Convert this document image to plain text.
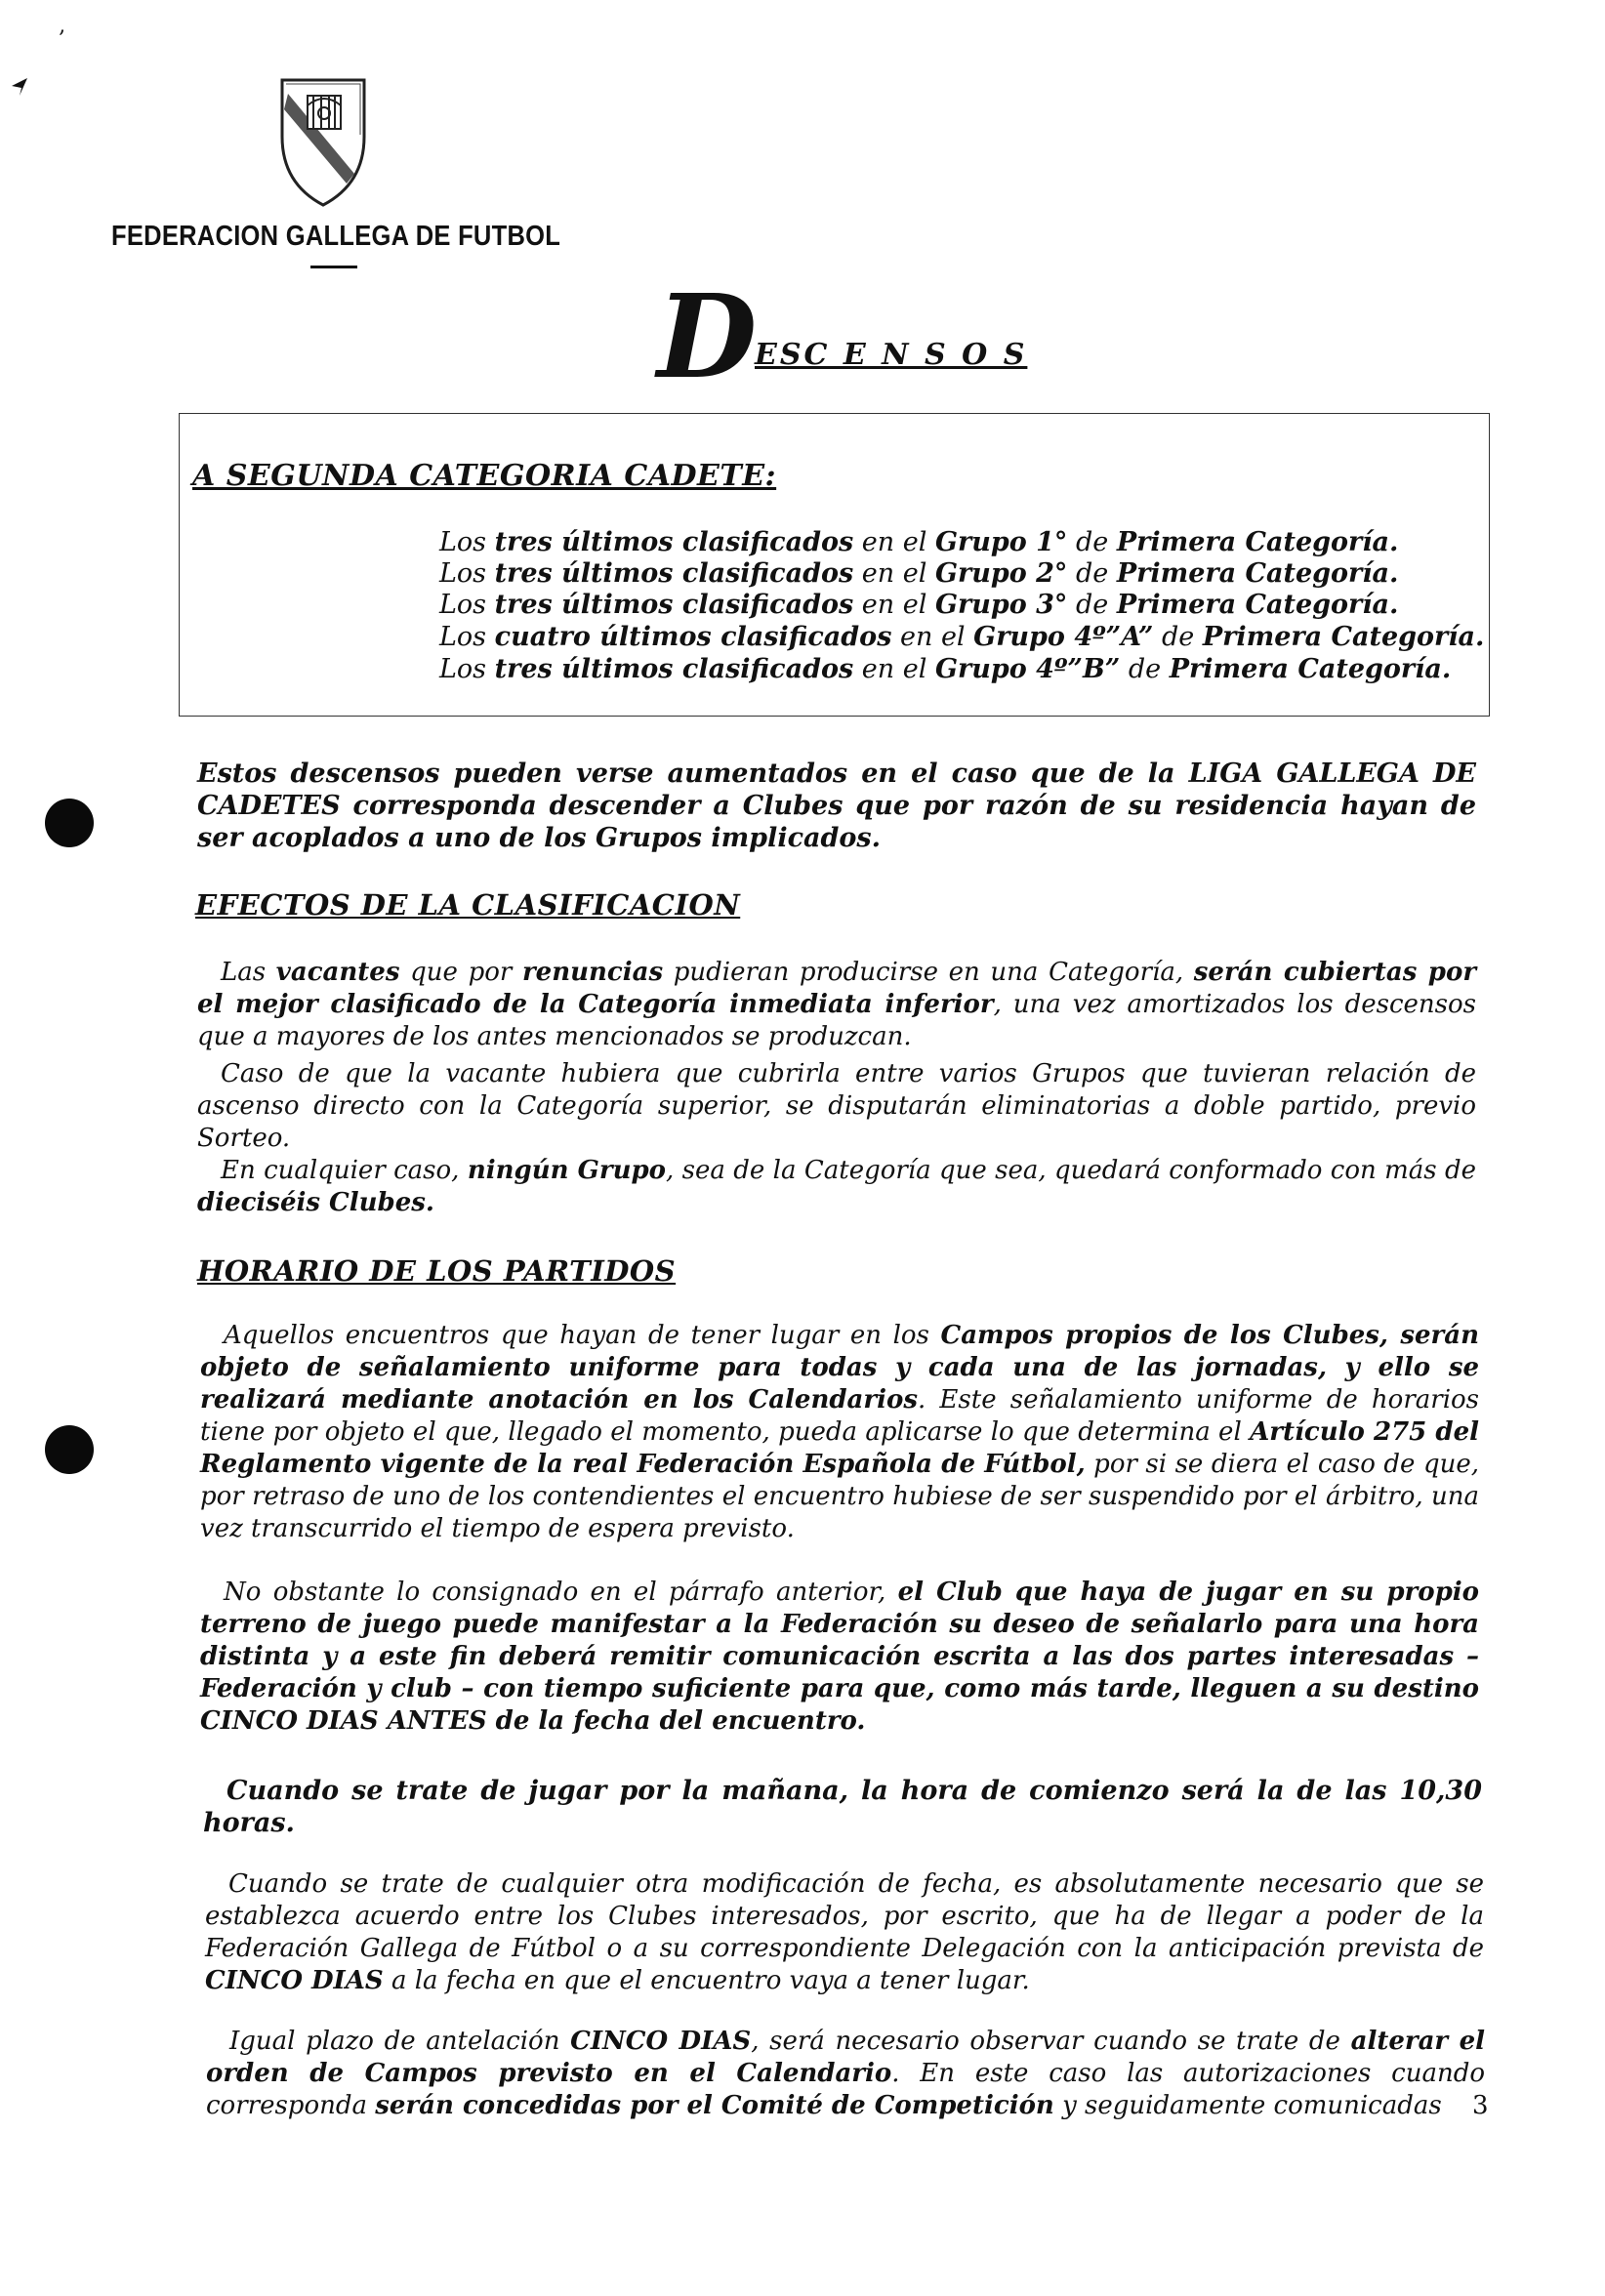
‚
FEDERACION GALLEGA DE FUTBOL
D
ESC E N S O S
A SEGUNDA CATEGORIA CADETE:
Los tres últimos clasificados en el Grupo 1° de Primera Categoría.
Los tres últimos clasificados en el Grupo 2° de Primera Categoría.
Los tres últimos clasificados en el Grupo 3° de Primera Categoría.
Los cuatro últimos clasificados en el Grupo 4º”A” de Primera Categoría.
Los tres últimos clasificados en el Grupo 4º”B” de Primera Categoría.
Estos descensos pueden verse aumentados en el caso que de la LIGA GALLEGA DE CADETES corresponda descender a Clubes que por razón de su residencia hayan de ser acoplados a uno de los Grupos implicados.
EFECTOS DE LA CLASIFICACION
Las vacantes que por renuncias pudieran producirse en una Categoría, serán cubiertas por el mejor clasificado de la Categoría inmediata inferior, una vez amortizados los descensos que a mayores de los antes mencionados se produzcan.
Caso de que la vacante hubiera que cubrirla entre varios Grupos que tuvieran relación de ascenso directo con la Categoría superior, se disputarán eliminatorias a doble partido, previo Sorteo.
En cualquier caso, ningún Grupo, sea de la Categoría que sea, quedará conformado con más de dieciséis Clubes.
HORARIO DE LOS PARTIDOS
Aquellos encuentros que hayan de tener lugar en los Campos propios de los Clubes, serán objeto de señalamiento uniforme para todas y cada una de las jornadas, y ello se realizará mediante anotación en los Calendarios. Este señalamiento uniforme de horarios tiene por objeto el que, llegado el momento, pueda aplicarse lo que determina el Artículo 275 del Reglamento vigente de la real Federación Española de Fútbol, por si se diera el caso de que, por retraso de uno de los contendientes el encuentro hubiese de ser suspendido por el árbitro, una vez transcurrido el tiempo de espera previsto.
No obstante lo consignado en el párrafo anterior, el Club que haya de jugar en su propio terreno de juego puede manifestar a la Federación su deseo de señalarlo para una hora distinta y a este fin deberá remitir comunicación escrita a las dos partes interesadas – Federación y club – con tiempo suficiente para que, como más tarde, lleguen a su destino CINCO DIAS ANTES de la fecha del encuentro.
Cuando se trate de jugar por la mañana, la hora de comienzo será la de las 10,30 horas.
Cuando se trate de cualquier otra modificación de fecha, es absolutamente necesario que se establezca acuerdo entre los Clubes interesados, por escrito, que ha de llegar a poder de la Federación Gallega de Fútbol o a su correspondiente Delegación con la anticipación prevista de CINCO DIAS a la fecha en que el encuentro vaya a tener lugar.
Igual plazo de antelación CINCO DIAS, será necesario observar cuando se trate de alterar el orden de Campos previsto en el Calendario. En este caso las autorizaciones cuando corresponda serán concedidas por el Comité de Competición y seguidamente comunicadas	3
